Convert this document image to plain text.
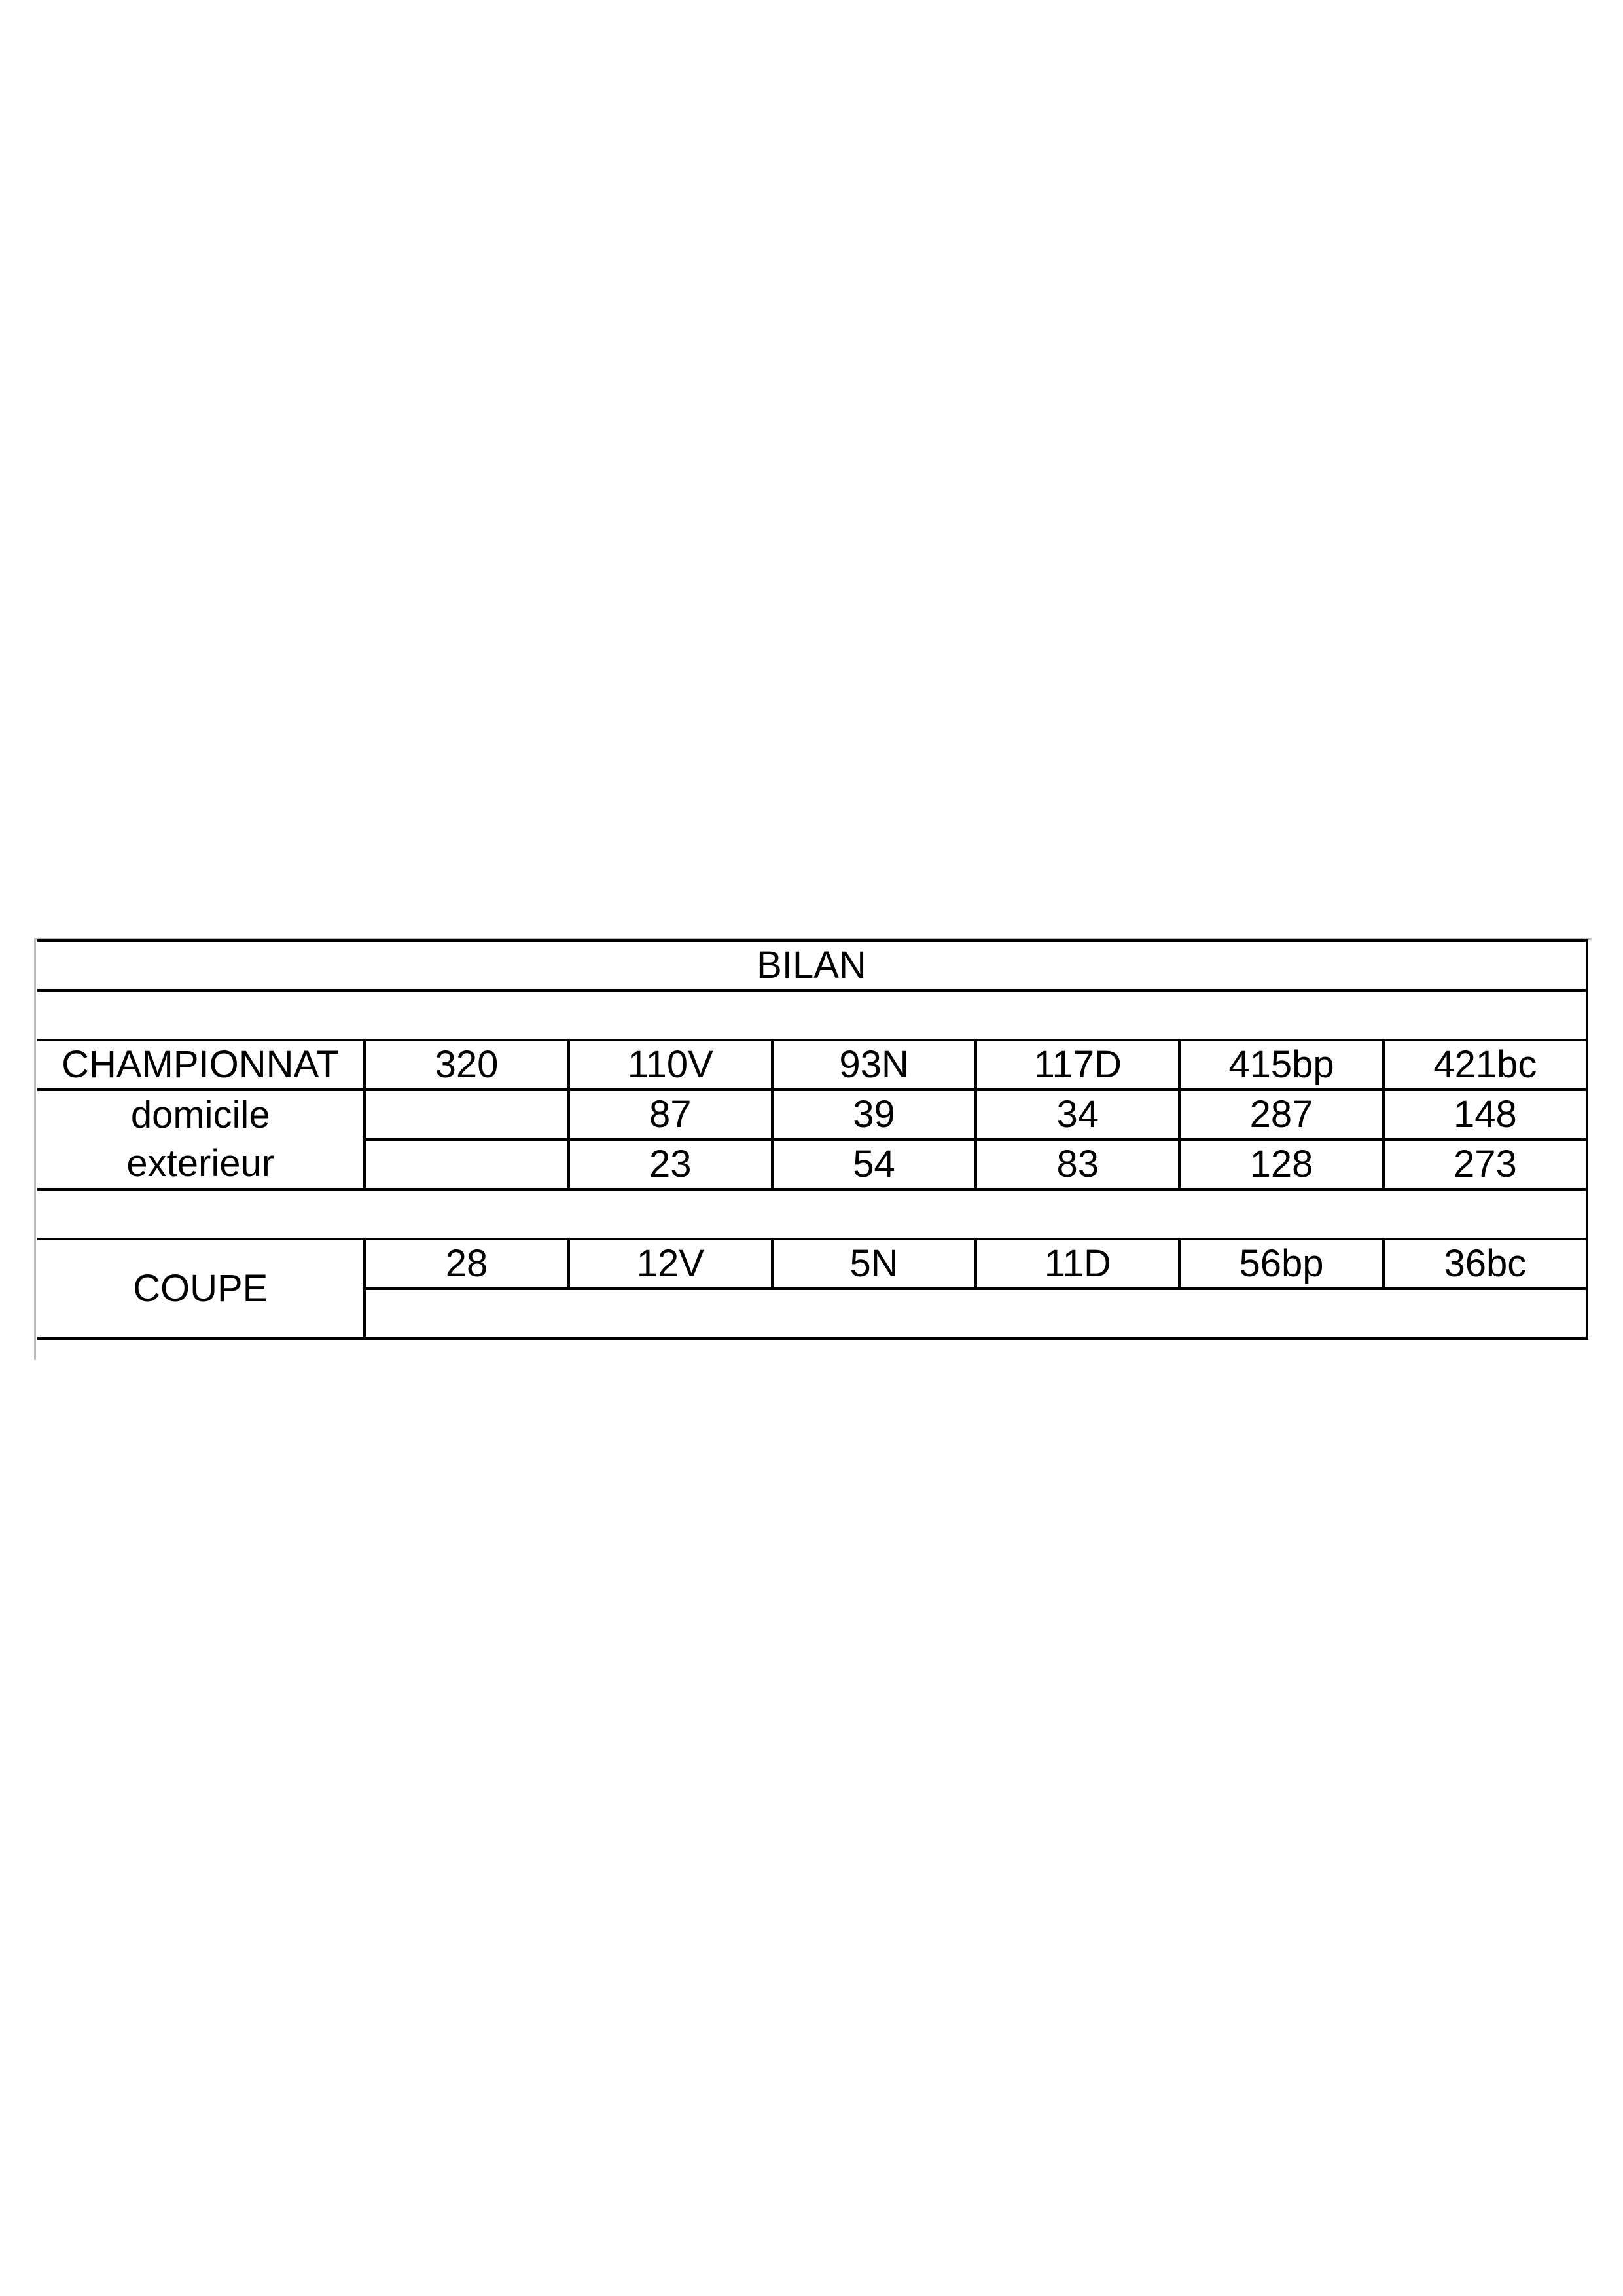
BILAN						

CHAMPIONNAT	320	110V	93N	117D	415bp	421bc
domicile		87	39	34	287	148
exterieur		23	54	83	128	273

COUPE	28	12V	5N	11D	56bp	36bc
